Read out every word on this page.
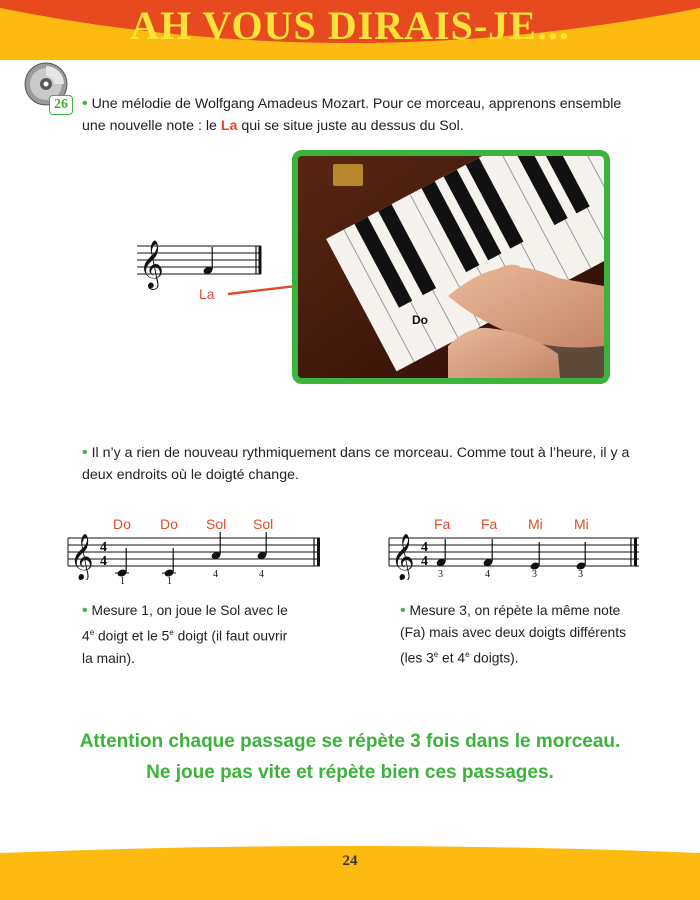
AH VOUS DIRAIS-JE...
26 • Une mélodie de Wolfgang Amadeus Mozart. Pour ce morceau, apprenons ensemble
une nouvelle note : le La qui se situe juste au dessus du Sol.
𝄞
La
Do
• Il n’y a rien de nouveau rythmiquement dans ce morceau. Comme tout à l’heure, il y a
deux endroits où le doigté change.
Do Do Sol Sol
𝄞 4
4
1	1
4	4
• Mesure 1, on joue le Sol avec le
4e doigt et le 5e doigt (il faut ouvrir
la main).
Fa Fa Mi Mi
𝄞 4
4
3	4	3	3
• Mesure 3, on répète la même note
(Fa) mais avec deux doigts différents
(les 3e et 4e doigts).
Attention chaque passage se répète 3 fois dans le morceau.
Ne joue pas vite et répète bien ces passages.
24
